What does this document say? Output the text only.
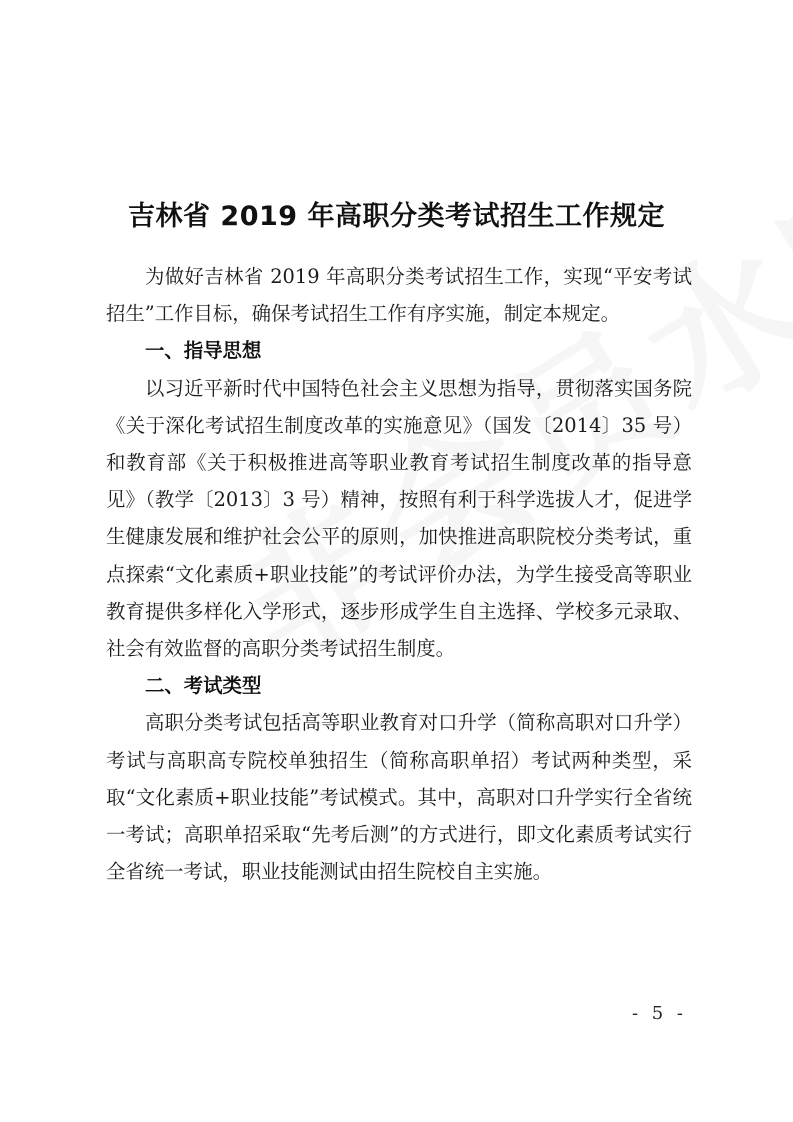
吉林省 2019 年高职分类考试招生工作规定

为做好吉林省 2019 年高职分类考试招生工作，实现“平安考试招生”工作目标，确保考试招生工作有序实施，制定本规定。

一、指导思想

以习近平新时代中国特色社会主义思想为指导，贯彻落实国务院《关于深化考试招生制度改革的实施意见》（国发〔2014〕35 号）和教育部《关于积极推进高等职业教育考试招生制度改革的指导意见》（教学〔2013〕3 号）精神，按照有利于科学选拔人才，促进学生健康发展和维护社会公平的原则，加快推进高职院校分类考试，重点探索“文化素质+职业技能”的考试评价办法，为学生接受高等职业教育提供多样化入学形式，逐步形成学生自主选择、学校多元录取、社会有效监督的高职分类考试招生制度。

二、考试类型

高职分类考试包括高等职业教育对口升学（简称高职对口升学）考试与高职高专院校单独招生（简称高职单招）考试两种类型，采取“文化素质+职业技能”考试模式。其中，高职对口升学实行全省统一考试；高职单招采取“先考后测”的方式进行，即文化素质考试实行全省统一考试，职业技能测试由招生院校自主实施。

- 5 -
